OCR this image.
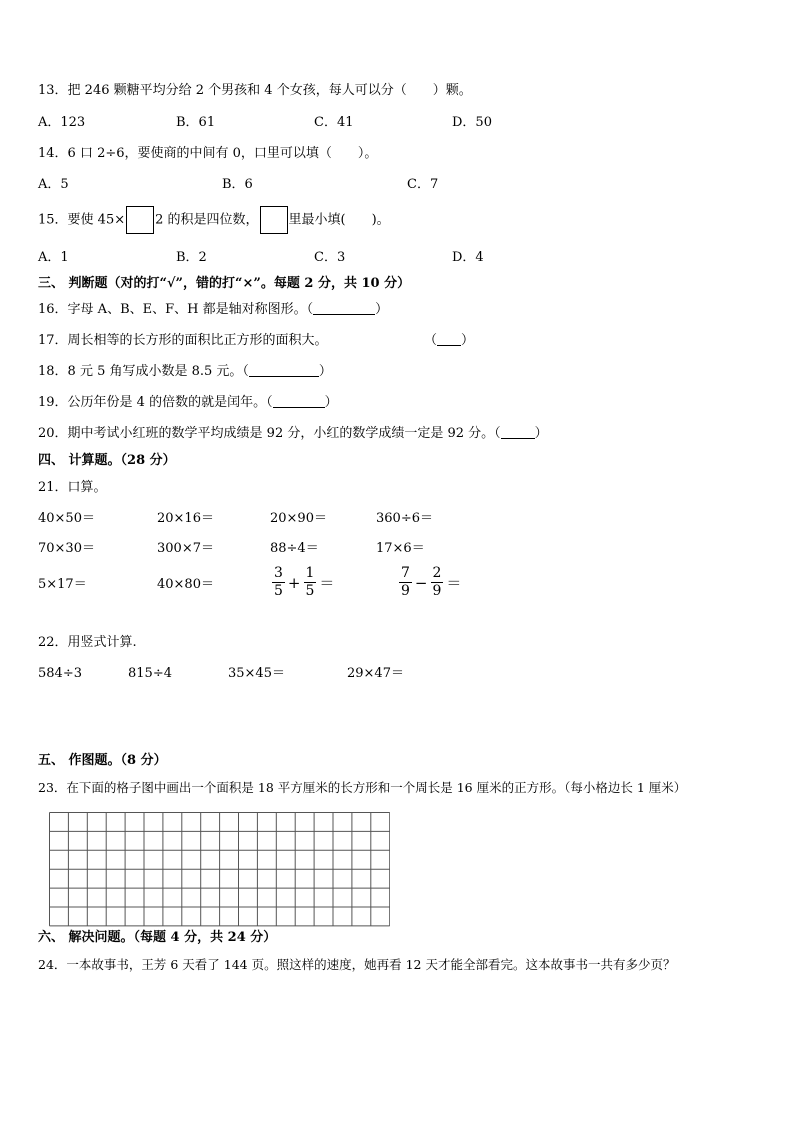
13．把 246 颗糖平均分给 2 个男孩和 4 个女孩，每人可以分（　　）颗。
A．123	B．61	C．41	D．50
14．6 口 2÷6，要使商的中间有 0，口里可以填（　　）。
A．5	B．6	C．7
15．要使 45× 2 的积是四位数， 里最小填(　　)。
A．1	B．2	C．3	D．4
三、 判断题（对的打“√”，错的打“×”。每题 2 分，共 10 分）
16．字母 A、B、E、F、H 都是轴对称图形。（	）
17．周长相等的长方形的面积比正方形的面积大。	（ ）
18．8 元 5 角写成小数是 8.5 元。（	）
19．公历年份是 4 的倍数的就是闰年。（	）
20．期中考试小红班的数学平均成绩是 92 分，小红的数学成绩一定是 92 分。（	）
四、 计算题。（28 分）
21．口算。
40×50＝	20×16＝	20×90＝	360÷6＝
70×30＝	300×7＝	88÷4＝	17×6＝
5×17＝	40×80＝	$\frac{3}{5} + \frac{1}{5}$ ＝	$\frac{7}{9} - \frac{2}{9}$ ＝
22．用竖式计算.
584÷3	815÷4	35×45＝	29×47＝
五、 作图题。（8 分）
23．在下面的格子图中画出一个面积是 18 平方厘米的长方形和一个周长是 16 厘米的正方形。（每小格边长 1 厘米）
六、 解决问题。（每题 4 分，共 24 分）
24．一本故事书，王芳 6 天看了 144 页。照这样的速度，她再看 12 天才能全部看完。这本故事书一共有多少页？
